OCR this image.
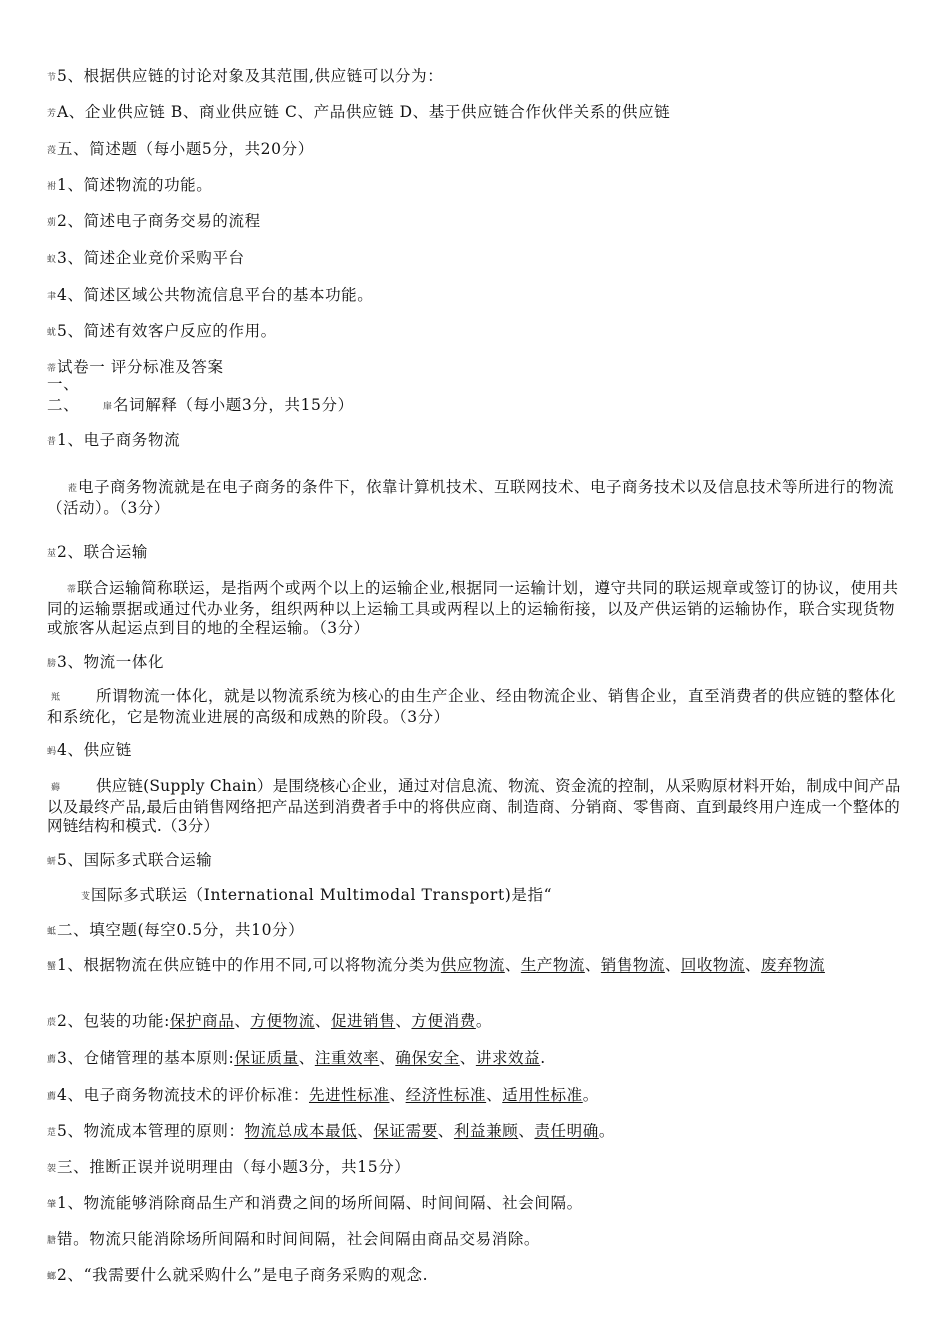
节5、根据供应链的讨论对象及其范围,供应链可以分为：
芳A、企业供应链 B、商业供应链 C、产品供应链 D、基于供应链合作伙伴关系的供应链
莈五、简述题（每小题5分，共20分）
袝1、简述物流的功能。
莂2、简述电子商务交易的流程
蚁3、简述企业竞价采购平台
聿4、简述区域公共物流信息平台的基本功能。
蚘5、简述有效客户反应的作用。
蒂试卷一 评分标准及答案
一、
二、	肁名词解释（每小题3分，共15分）
普1、电子商务物流
蒞电子商务物流就是在电子商务的条件下，依靠计算机技术、互联网技术、电子商务技术以及信息技术等所进行的物流（活动）。（3分）
莁2、联合运输
蒂联合运输简称联运，是指两个或两个以上的运输企业,根据同一运输计划，遵守共同的联运规章或签订的协议，使用共同的运输票据或通过代办业务，组织两种以上运输工具或两程以上的运输衔接，以及产供运销的运输协作，联合实现货物或旅客从起运点到目的地的全程运输。（3分）
膀3、物流一体化
羝 所谓物流一体化，就是以物流系统为核心的由生产企业、经由物流企业、销售企业，直至消费者的供应链的整体化和系统化，它是物流业进展的高级和成熟的阶段。（3分）
蚂4、供应链
薅 供应链(Supply Chain）是围绕核心企业，通过对信息流、物流、资金流的控制，从采购原材料开始，制成中间产品以及最终产品,最后由销售网络把产品送到消费者手中的将供应商、制造商、分销商、零售商、直到最终用户连成一个整体的网链结构和模式.（3分）
蚈5、国际多式联合运输
芆国际多式联运（International Multimodal Transport)是指“
蚳二、填空题(每空0.5分，共10分）
蟹1、根据物流在供应链中的作用不同,可以将物流分类为供应物流、生产物流、销售物流、回收物流、废弃物流
莀2、包装的功能:保护商品、方便物流、促进销售、方便消费。
薦3、仓储管理的基本原则:保证质量、注重效率、确保安全、讲求效益.
薦4、电子商务物流技术的评价标准：先进性标准、经济性标准、适用性标准。
莡5、物流成本管理的原则：物流总成本最低、保证需要、利益兼顾、责任明确。
袈三、推断正误并说明理由（每小题3分，共15分）
肇1、物流能够消除商品生产和消费之间的场所间隔、时间间隔、社会间隔。
膅错。物流只能消除场所间隔和时间间隔，社会间隔由商品交易消除。
螂2、“我需要什么就采购什么”是电子商务采购的观念.
